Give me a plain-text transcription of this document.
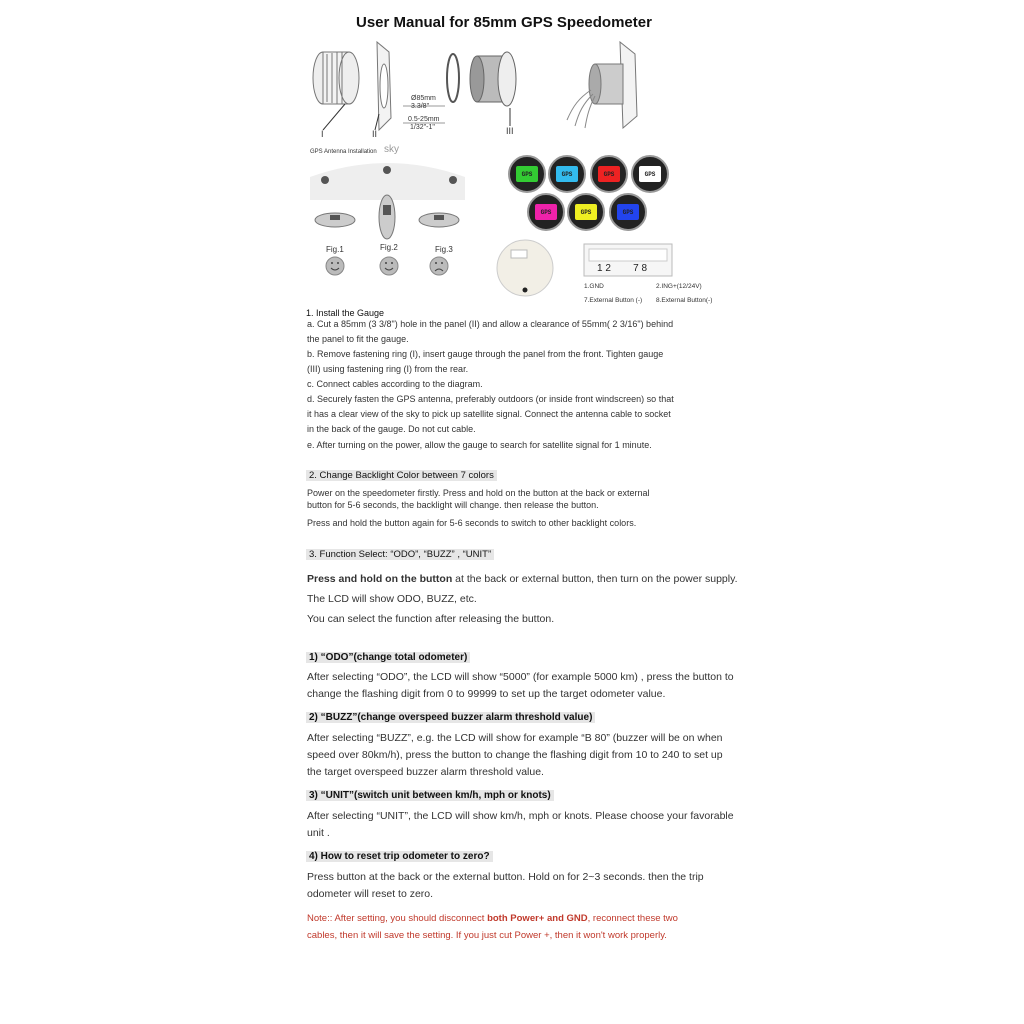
User Manual for 85mm GPS Speedometer
Ø85mm
3.3/8"
0.5-25mm
1/32"-1"
I	II	III
GPS Antenna Installation sky
Fig.1	Fig.2	Fig.3
GPS	GPS	GPS	GPS
GPS	GPS	GPS
1 2        7 8
1.GND	2.ING+(12/24V)
7.External Button (-) 8.External Button(-)
1. Install the Gauge
a. Cut a 85mm (3 3/8") hole in the panel (II) and allow a clearance of 55mm( 2 3/16") behind
the panel to fit the gauge.
b. Remove fastening ring (I), insert gauge through the panel from the front. Tighten gauge
(III) using fastening ring (I) from the rear.
c. Connect cables according to the diagram.
d. Securely fasten the GPS antenna, preferably outdoors (or inside front windscreen) so that
it has a clear view of the sky to pick up satellite signal. Connect the antenna cable to socket
in the back of the gauge. Do not cut cable.
e. After turning on the power, allow the gauge to search for satellite signal for 1 minute.
2. Change Backlight Color between 7 colors
Power on the speedometer firstly. Press and hold on the button at the back or external
button for 5-6 seconds, the backlight will change. then release the button.
Press and hold the button again for 5-6 seconds to switch to other backlight colors.
3. Function Select: “ODO”, “BUZZ” , “UNIT”
Press and hold on the button at the back or external button, then turn on the power supply.
The LCD will show ODO, BUZZ, etc.
You can select the function after releasing the button.
1) “ODO”(change total odometer)
After selecting “ODO”, the LCD will show “5000” (for example 5000 km) , press the button to
change the flashing digit from 0 to 99999 to set up the target odometer value.
2) “BUZZ”(change overspeed buzzer alarm threshold value)
After selecting “BUZZ”, e.g. the LCD will show for example “B 80” (buzzer will be on when
speed over 80km/h), press the button to change the flashing digit from 10 to 240 to set up
the target overspeed buzzer alarm threshold value.
3) “UNIT”(switch unit between km/h, mph or knots)
After selecting “UNIT”, the LCD will show km/h, mph or knots. Please choose your favorable
unit .
4) How to reset trip odometer to zero?
Press button at the back or the external button. Hold on for 2~3 seconds. then the trip
odometer will reset to zero.
Note:: After setting, you should disconnect both Power+ and GND, reconnect these two
cables, then it will save the setting. If you just cut Power +, then it won't work properly.
